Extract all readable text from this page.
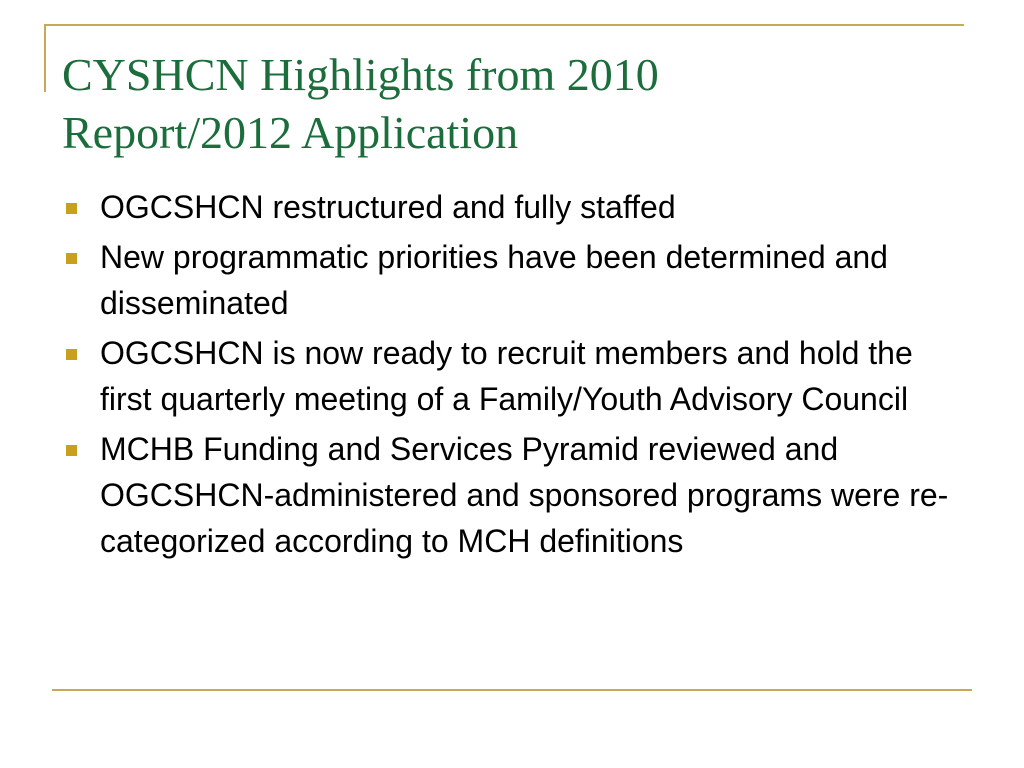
CYSHCN Highlights from 2010
Report/2012 Application
OGCSHCN restructured and fully staffed
New programmatic priorities have been determined and disseminated
OGCSHCN is now ready to recruit members and hold the first quarterly meeting of a Family/Youth Advisory Council
MCHB Funding and Services Pyramid reviewed and OGCSHCN-administered and sponsored programs were re-categorized according to MCH definitions
